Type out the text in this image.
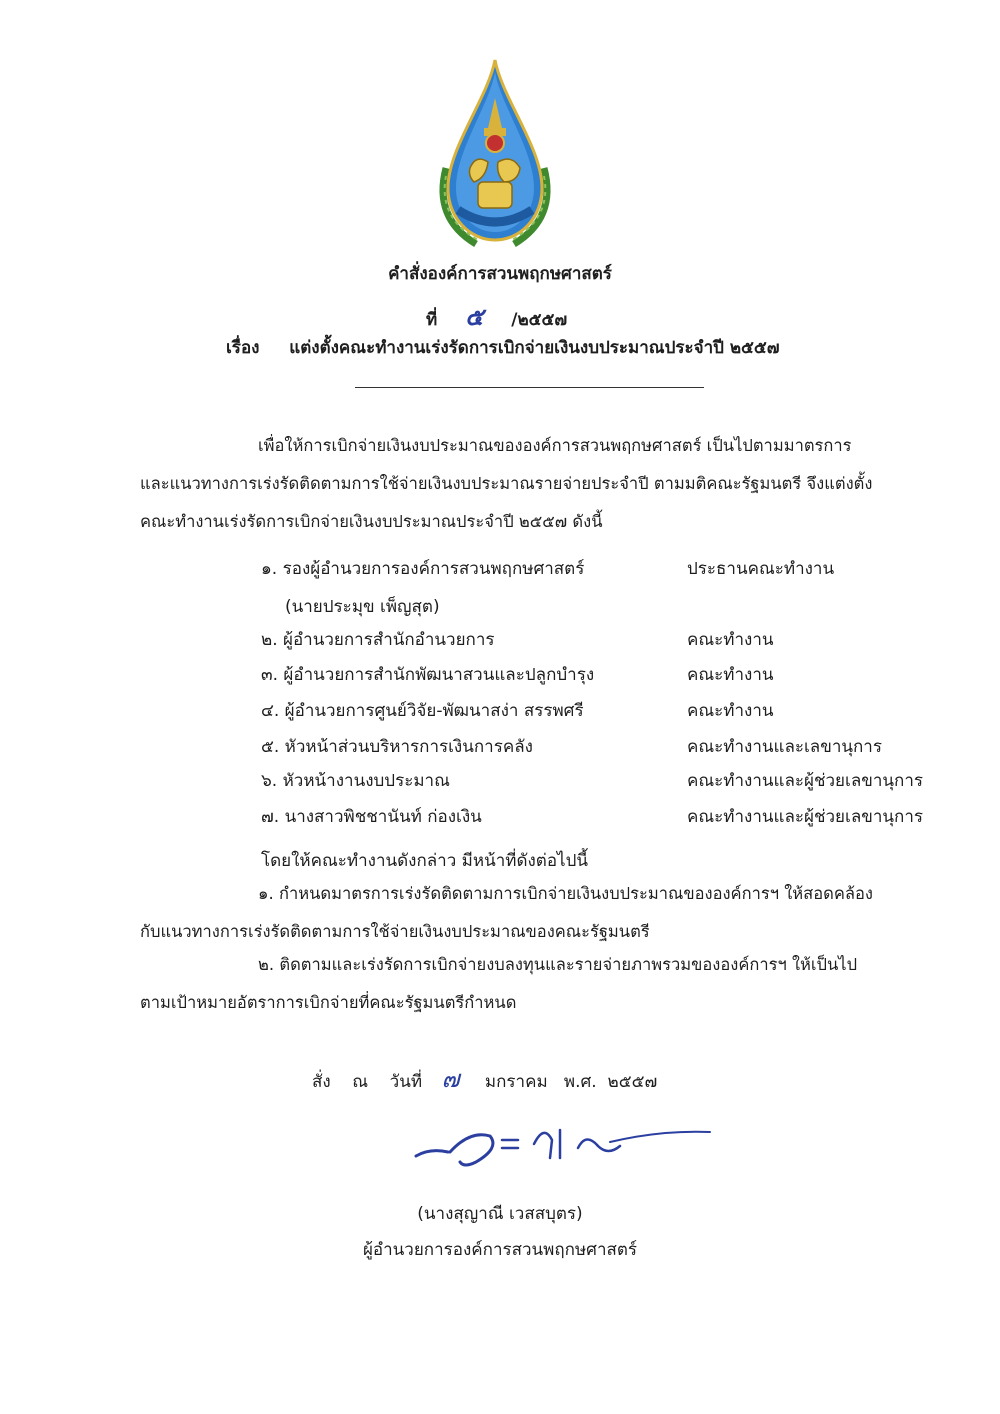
คำสั่งองค์การสวนพฤกษศาสตร์
ที่ ๕ /๒๕๕๗
เรื่อง แต่งตั้งคณะทำงานเร่งรัดการเบิกจ่ายเงินงบประมาณประจำปี ๒๕๕๗
เพื่อให้การเบิกจ่ายเงินงบประมาณขององค์การสวนพฤกษศาสตร์ เป็นไปตามมาตรการ
และแนวทางการเร่งรัดติดตามการใช้จ่ายเงินงบประมาณรายจ่ายประจำปี ตามมติคณะรัฐมนตรี จึงแต่งตั้ง
คณะทำงานเร่งรัดการเบิกจ่ายเงินงบประมาณประจำปี ๒๕๕๗ ดังนี้
๑. รองผู้อำนวยการองค์การสวนพฤกษศาสตร์	ประธานคณะทำงาน
(นายประมุข เพ็ญสุต)
๒. ผู้อำนวยการสำนักอำนวยการ	คณะทำงาน
๓. ผู้อำนวยการสำนักพัฒนาสวนและปลูกบำรุง	คณะทำงาน
๔. ผู้อำนวยการศูนย์วิจัย-พัฒนาสง่า สรรพศรี	คณะทำงาน
๕. หัวหน้าส่วนบริหารการเงินการคลัง	คณะทำงานและเลขานุการ
๖. หัวหน้างานงบประมาณ	คณะทำงานและผู้ช่วยเลขานุการ
๗. นางสาวพิชชานันท์ ก่องเงิน	คณะทำงานและผู้ช่วยเลขานุการ
โดยให้คณะทำงานดังกล่าว มีหน้าที่ดังต่อไปนี้
๑. กำหนดมาตรการเร่งรัดติดตามการเบิกจ่ายเงินงบประมาณขององค์การฯ ให้สอดคล้อง
กับแนวทางการเร่งรัดติดตามการใช้จ่ายเงินงบประมาณของคณะรัฐมนตรี
๒. ติดตามและเร่งรัดการเบิกจ่ายงบลงทุนและรายจ่ายภาพรวมขององค์การฯ ให้เป็นไป
ตามเป้าหมายอัตราการเบิกจ่ายที่คณะรัฐมนตรีกำหนด
สั่ง    ณ    วันที่ ๗ มกราคม   พ.ศ.  ๒๕๕๗
(นางสุญาณี เวสสบุตร)
ผู้อำนวยการองค์การสวนพฤกษศาสตร์
